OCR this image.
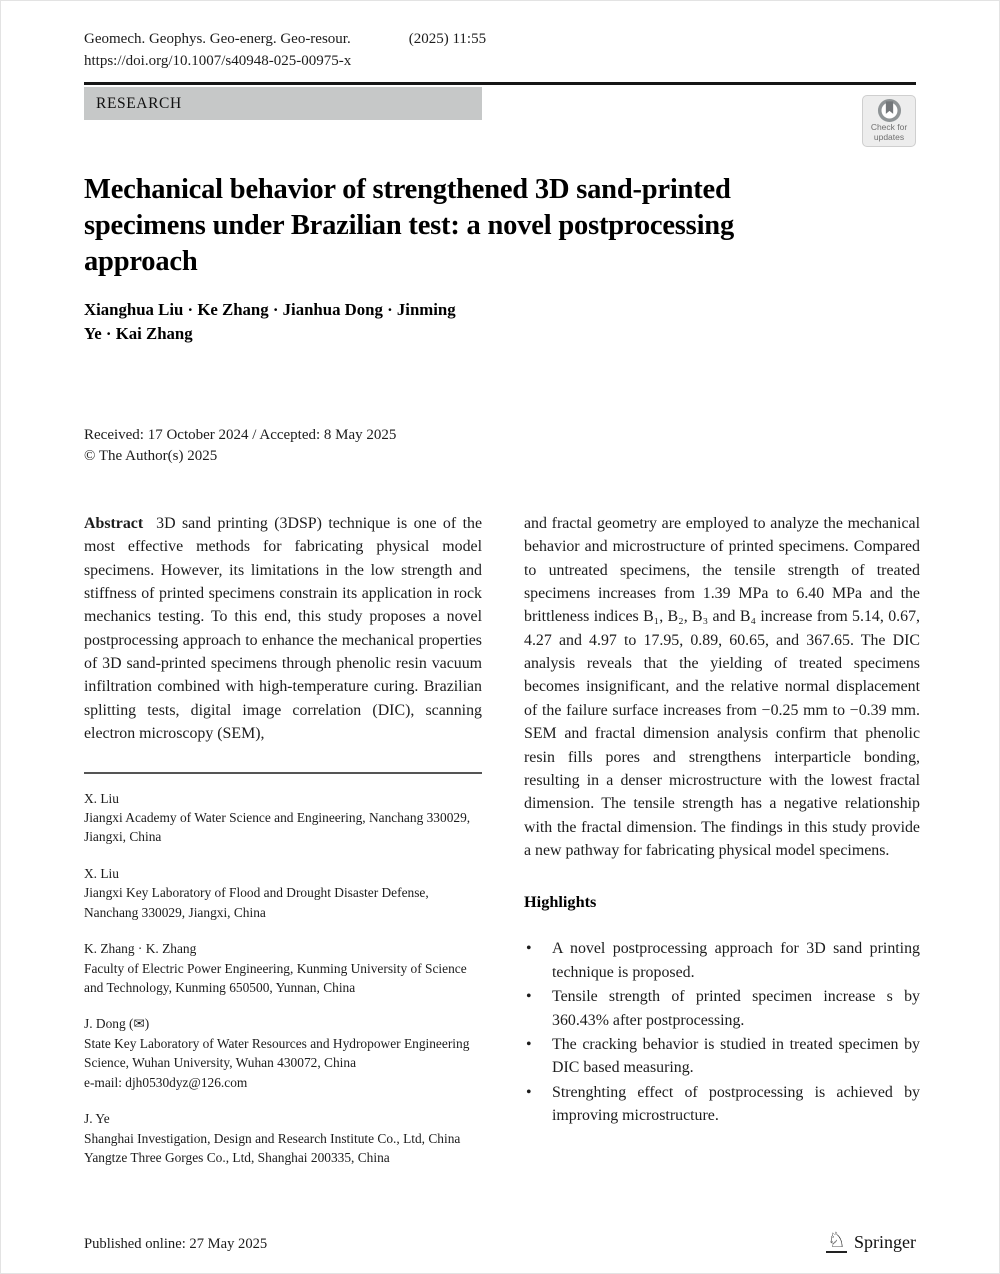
Geomech. Geophys. Geo-energ. Geo-resour.	(2025) 11:55
https://doi.org/10.1007/s40948-025-00975-x
RESEARCH
Check for
updates
Mechanical behavior of strengthened 3D sand-printed specimens under Brazilian test: a novel postprocessing approach
Xianghua Liu · Ke Zhang · Jianhua Dong · Jinming Ye · Kai Zhang
Received: 17 October 2024 / Accepted: 8 May 2025
© The Author(s) 2025

Abstract 3D sand printing (3DSP) technique is one of the most effective methods for fabricating physical model specimens. However, its limitations in the low strength and stiffness of printed specimens constrain its application in rock mechanics testing. To this end, this study proposes a novel postprocessing approach to enhance the mechanical properties of 3D sand-printed specimens through phenolic resin vacuum infiltration combined with high-temperature curing. Brazilian splitting tests, digital image correlation (DIC), scanning electron microscopy (SEM),

X. Liu
Jiangxi Academy of Water Science and Engineering, Nanchang 330029, Jiangxi, China
X. Liu
Jiangxi Key Laboratory of Flood and Drought Disaster Defense, Nanchang 330029, Jiangxi, China
K. Zhang · K. Zhang
Faculty of Electric Power Engineering, Kunming University of Science and Technology, Kunming 650500, Yunnan, China
J. Dong (✉)
State Key Laboratory of Water Resources and Hydropower Engineering Science, Wuhan University, Wuhan 430072, China
e-mail: djh0530dyz@126.com
J. Ye
Shanghai Investigation, Design and Research Institute Co., Ltd, China Yangtze Three Gorges Co., Ltd, Shanghai 200335, China

and fractal geometry are employed to analyze the mechanical behavior and microstructure of printed specimens. Compared to untreated specimens, the tensile strength of treated specimens increases from 1.39 MPa to 6.40 MPa and the brittleness indices B₁, B₂, B₃ and B₄ increase from 5.14, 0.67, 4.27 and 4.97 to 17.95, 0.89, 60.65, and 367.65. The DIC analysis reveals that the yielding of treated specimens becomes insignificant, and the relative normal displacement of the failure surface increases from −0.25 mm to −0.39 mm. SEM and fractal dimension analysis confirm that phenolic resin fills pores and strengthens interparticle bonding, resulting in a denser microstructure with the lowest fractal dimension. The tensile strength has a negative relationship with the fractal dimension. The findings in this study provide a new pathway for fabricating physical model specimens.

Highlights
•	A novel postprocessing approach for 3D sand printing technique is proposed.
•	Tensile strength of printed specimen increase s by 360.43% after postprocessing.
•	The cracking behavior is studied in treated specimen by DIC based measuring.
•	Strenghting effect of postprocessing is achieved by improving microstructure.
Published online: 27 May 2025	♘ Springer
